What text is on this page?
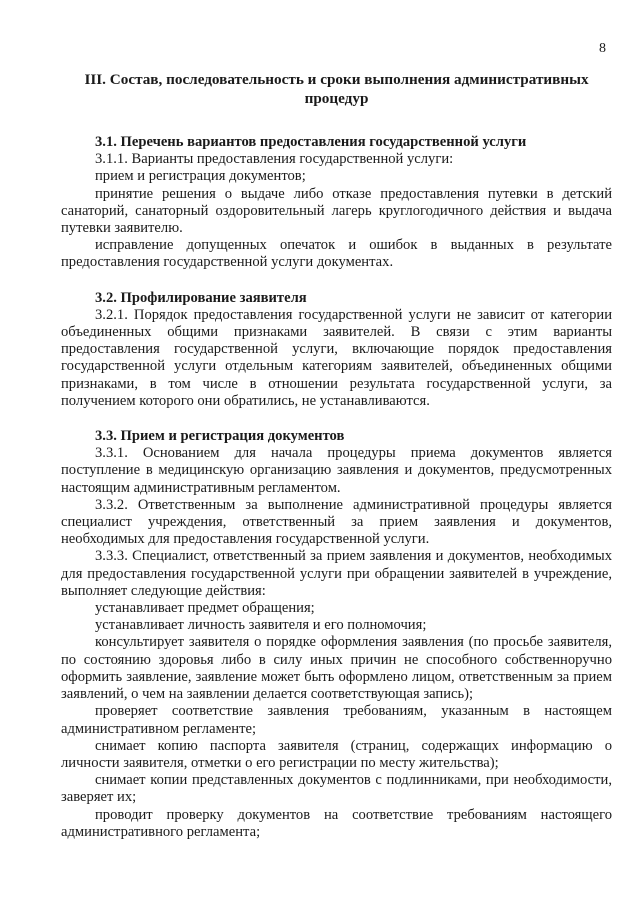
8
III. Состав, последовательность и сроки выполнения административных
процедур

3.1. Перечень вариантов предоставления государственной услуги

3.1.1. Варианты предоставления государственной услуги:

прием и регистрация документов;

принятие решения о выдаче либо отказе предоставления путевки в детский санаторий, санаторный оздоровительный лагерь круглогодичного действия и выдача путевки заявителю.

исправление допущенных опечаток и ошибок в выданных в результате предоставления государственной услуги документах.

3.2. Профилирование заявителя

3.2.1. Порядок предоставления государственной услуги не зависит от категории объединенных общими признаками заявителей. В связи с этим варианты предоставления государственной услуги, включающие порядок предоставления государственной услуги отдельным категориям заявителей, объединенных общими признаками, в том числе в отношении результата государственной услуги, за получением которого они обратились, не устанавливаются.

3.3. Прием и регистрация документов

3.3.1. Основанием для начала процедуры приема документов является поступление в медицинскую организацию заявления и документов, предусмотренных настоящим административным регламентом.

3.3.2. Ответственным за выполнение административной процедуры является специалист учреждения, ответственный за прием заявления и документов, необходимых для предоставления государственной услуги.

3.3.3. Специалист, ответственный за прием заявления и документов, необходимых для предоставления государственной услуги при обращении заявителей в учреждение, выполняет следующие действия:

устанавливает предмет обращения;

устанавливает личность заявителя и его полномочия;

консультирует заявителя о порядке оформления заявления (по просьбе заявителя, по состоянию здоровья либо в силу иных причин не способного собственноручно оформить заявление, заявление может быть оформлено лицом, ответственным за прием заявлений, о чем на заявлении делается соответствующая запись);

проверяет соответствие заявления требованиям, указанным в настоящем административном регламенте;

снимает копию паспорта заявителя (страниц, содержащих информацию о личности заявителя, отметки о его регистрации по месту жительства);

снимает копии представленных документов с подлинниками, при необходимости, заверяет их;

проводит проверку документов на соответствие требованиям настоящего административного регламента;
